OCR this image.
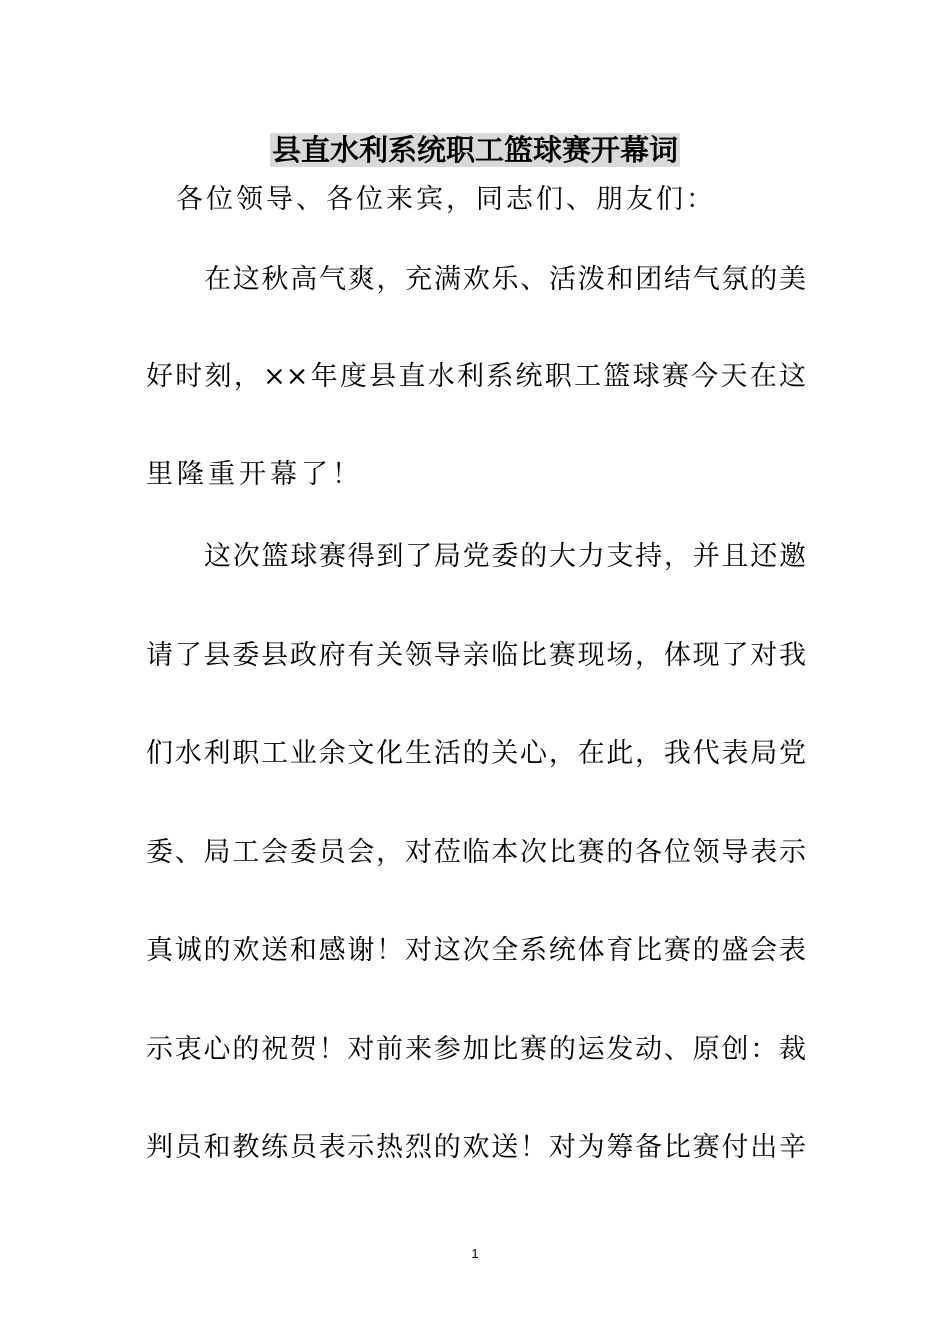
县直水利系统职工篮球赛开幕词
各位领导、各位来宾，同志们、朋友们：
在这秋高气爽，充满欢乐、活泼和团结气氛的美
好时刻，××年度县直水利系统职工篮球赛今天在这
里隆重开幕了！
这次篮球赛得到了局党委的大力支持，并且还邀
请了县委县政府有关领导亲临比赛现场，体现了对我
们水利职工业余文化生活的关心，在此，我代表局党
委、局工会委员会，对莅临本次比赛的各位领导表示
真诚的欢送和感谢！对这次全系统体育比赛的盛会表
示衷心的祝贺！对前来参加比赛的运发动、原创：裁
判员和教练员表示热烈的欢送！对为筹备比赛付出辛
1
